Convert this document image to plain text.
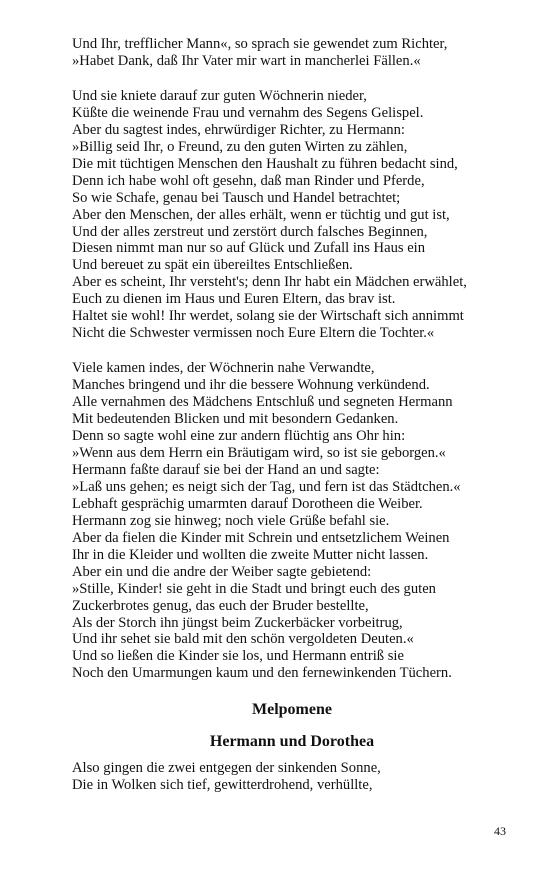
Und Ihr, trefflicher Mann«, so sprach sie gewendet zum Richter,
»Habet Dank, daß Ihr Vater mir wart in mancherlei Fällen.«
Und sie kniete darauf zur guten Wöchnerin nieder,
Küßte die weinende Frau und vernahm des Segens Gelispel.
Aber du sagtest indes, ehrwürdiger Richter, zu Hermann:
»Billig seid Ihr, o Freund, zu den guten Wirten zu zählen,
Die mit tüchtigen Menschen den Haushalt zu führen bedacht sind,
Denn ich habe wohl oft gesehn, daß man Rinder und Pferde,
So wie Schafe, genau bei Tausch und Handel betrachtet;
Aber den Menschen, der alles erhält, wenn er tüchtig und gut ist,
Und der alles zerstreut und zerstört durch falsches Beginnen,
Diesen nimmt man nur so auf Glück und Zufall ins Haus ein
Und bereuet zu spät ein übereiltes Entschließen.
Aber es scheint, Ihr versteht's; denn Ihr habt ein Mädchen erwählet,
Euch zu dienen im Haus und Euren Eltern, das brav ist.
Haltet sie wohl! Ihr werdet, solang sie der Wirtschaft sich annimmt
Nicht die Schwester vermissen noch Eure Eltern die Tochter.«
Viele kamen indes, der Wöchnerin nahe Verwandte,
Manches bringend und ihr die bessere Wohnung verkündend.
Alle vernahmen des Mädchens Entschluß und segneten Hermann
Mit bedeutenden Blicken und mit besondern Gedanken.
Denn so sagte wohl eine zur andern flüchtig ans Ohr hin:
»Wenn aus dem Herrn ein Bräutigam wird, so ist sie geborgen.«
Hermann faßte darauf sie bei der Hand an und sagte:
»Laß uns gehen; es neigt sich der Tag, und fern ist das Städtchen.«
Lebhaft gesprächig umarmten darauf Dorotheen die Weiber.
Hermann zog sie hinweg; noch viele Grüße befahl sie.
Aber da fielen die Kinder mit Schrein und entsetzlichem Weinen
Ihr in die Kleider und wollten die zweite Mutter nicht lassen.
Aber ein und die andre der Weiber sagte gebietend:
»Stille, Kinder! sie geht in die Stadt und bringt euch des guten
Zuckerbrotes genug, das euch der Bruder bestellte,
Als der Storch ihn jüngst beim Zuckerbäcker vorbeitrug,
Und ihr sehet sie bald mit den schön vergoldeten Deuten.«
Und so ließen die Kinder sie los, und Hermann entriß sie
Noch den Umarmungen kaum und den fernewinkenden Tüchern.
Melpomene
Hermann und Dorothea
Also gingen die zwei entgegen der sinkenden Sonne,
Die in Wolken sich tief, gewitterdrohend, verhüllte,
43
